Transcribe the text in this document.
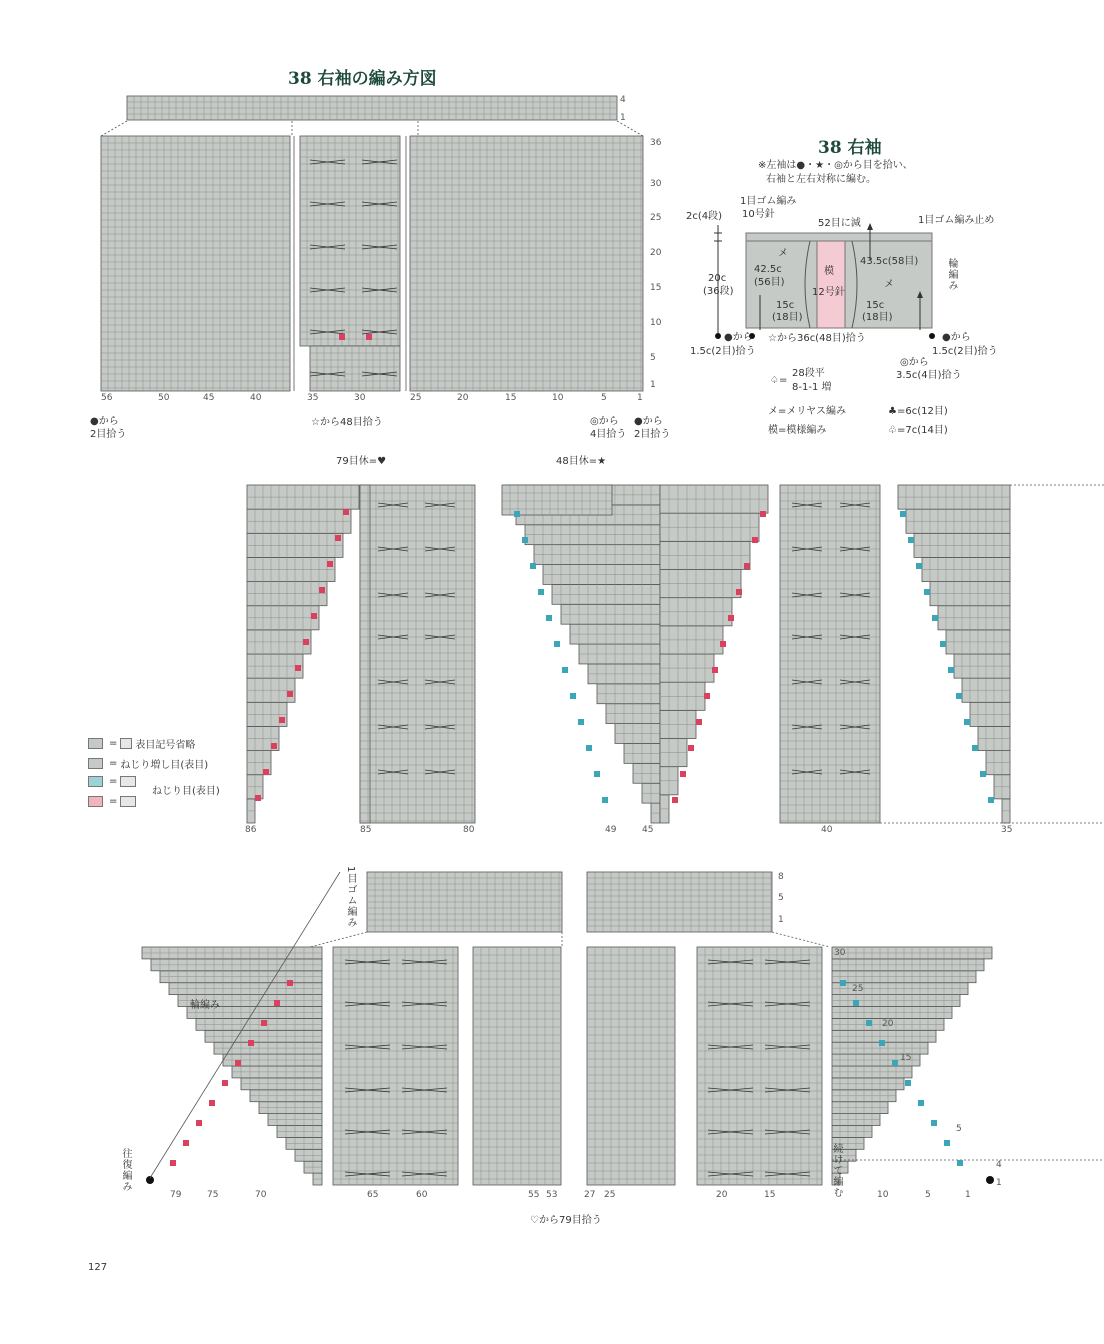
38 右袖の編み方図
4
1
36
30
25
20
15
10
5
1
56	50	45	40	35	30	25	20	15	10	5	1
●から
2目拾う
☆から48目拾う	◎から
4目拾う
●から
2目拾う
38 右袖
※左袖は●・★・◎から目を拾い、
右袖と左右対称に編む。
1目ゴム編み
10号針
2c(4段)
52目に減	1目ゴム編み止め
20c
(36段)
メ
42.5c
(56目)
43.5c(58目)
メ
模
12号針
15c
(18目)
15c
(18目)
輪編み
●から
1.5c(2目)拾う
☆から36c(48目)拾う	●から
1.5c(2目)拾う
◎から
3.5c(4目)拾う
♤=
28段平
8-1-1 増
メ=メリヤス編み
模=模様編み
♣=6c(12目)
♧=7c(14目)
79目休=♥	48目休=★
86	85	80	49	45	40	35
= 表目記号省略
= ねじり増し目(表目)
=
=
ねじり目(表目)
1目ゴム編み
輪編み
往復編み	続けて編む
8
5
1
30
25
20
15
5
4
1
79	75	70	65	60	55 53	27 25	20	15	10	5	1
♡から79目拾う
127
